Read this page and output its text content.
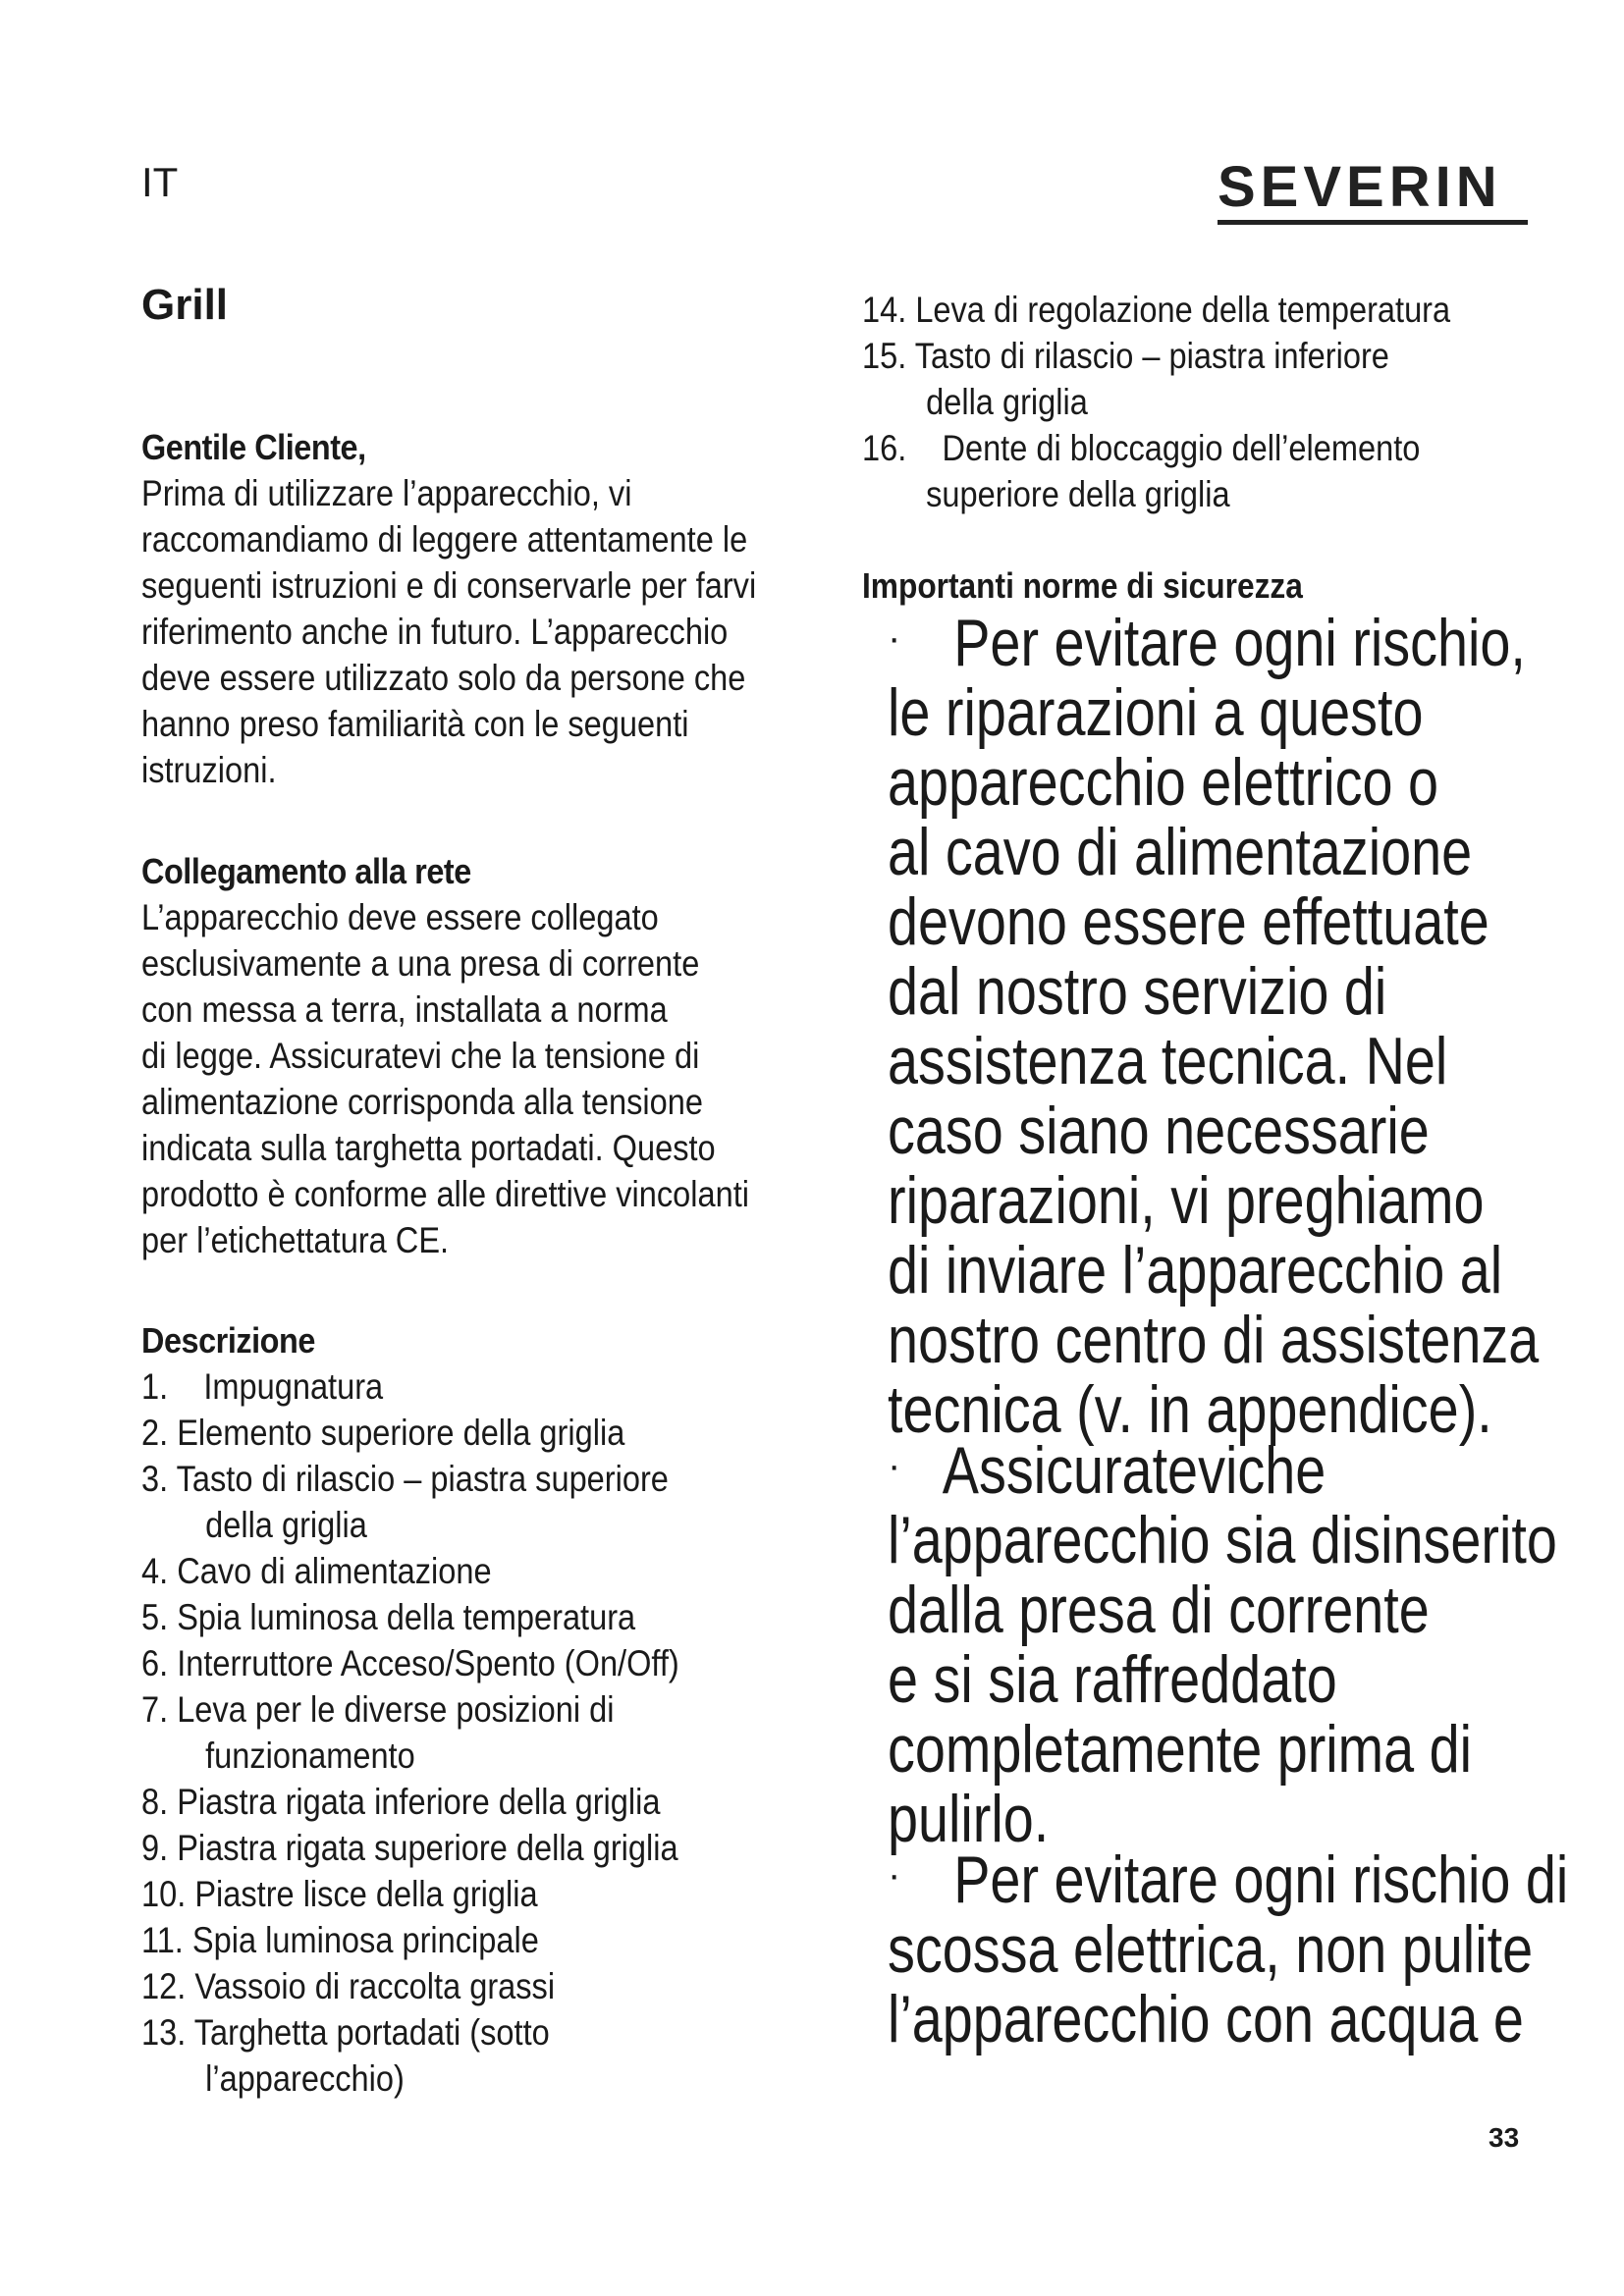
IT	SEVERIN
Grill
Gentile Cliente,
Prima di utilizzare l’apparecchio, vi
raccomandiamo di leggere attentamente le
seguenti istruzioni e di conservarle per farvi
riferimento anche in futuro. L’apparecchio
deve essere utilizzato solo da persone che
hanno preso familiarità con le seguenti
istruzioni.
Collegamento alla rete
L’apparecchio deve essere collegato
esclusivamente a una presa di corrente
con messa a terra, installata a norma
di legge. Assicuratevi che la tensione di
alimentazione corrisponda alla tensione
indicata sulla targhetta portadati. Questo
prodotto è conforme alle direttive vincolanti
per l’etichettatura CE.
Descrizione
1.    Impugnatura
2. Elemento superiore della griglia
3. Tasto di rilascio – piastra superiore
della griglia
4. Cavo di alimentazione
5. Spia luminosa della temperatura
6. Interruttore Acceso/Spento (On/Off)
7. Leva per le diverse posizioni di
funzionamento
8. Piastra rigata inferiore della griglia
9. Piastra rigata superiore della griglia
10. Piastre lisce della griglia
11. Spia luminosa principale
12. Vassoio di raccolta grassi
13. Targhetta portadati (sotto
l’apparecchio)
14. Leva di regolazione della temperatura
15. Tasto di rilascio – piastra inferiore
della griglia
16.    Dente di bloccaggio dell’elemento
superiore della griglia
Importanti norme di sicurezza
· Per evitare ogni rischio,
le riparazioni a questo
apparecchio elettrico o
al cavo di alimentazione
devono essere effettuate
dal nostro servizio di
assistenza tecnica. Nel
caso siano necessarie
riparazioni, vi preghiamo
di inviare l’apparecchio al
nostro centro di assistenza
tecnica (v. in appendice).
· Assicurateviche
l’apparecchio sia disinserito
dalla presa di corrente
e si sia raffreddato
completamente prima di
pulirlo.
· Per evitare ogni rischio di
scossa elettrica, non pulite
l’apparecchio con acqua e
33
